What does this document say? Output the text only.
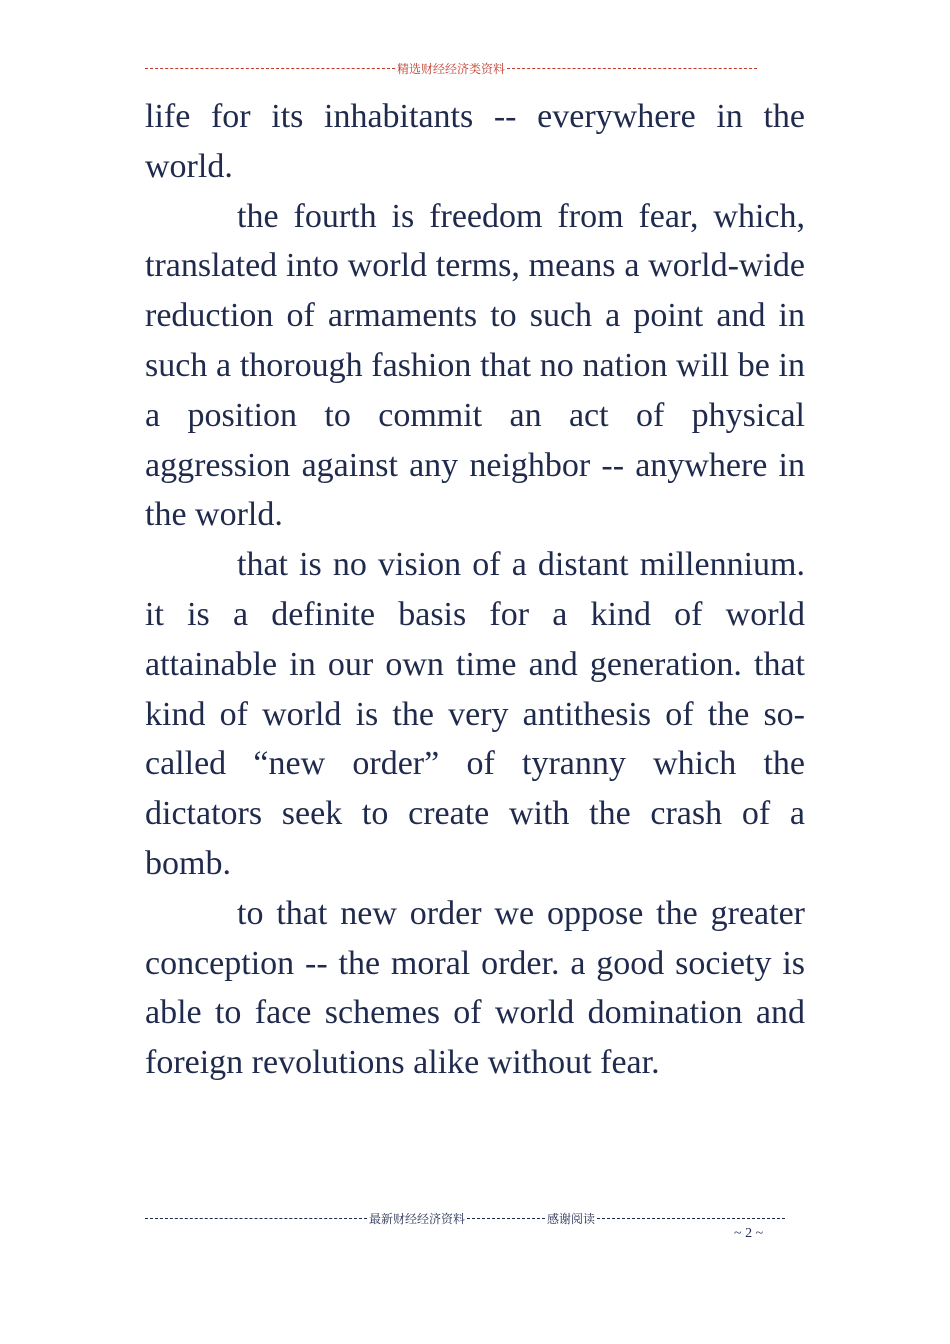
精选财经经济类资料

life for its inhabitants -- everywhere in the world.

the fourth is freedom from fear, which, translated into world terms, means a world-wide reduction of armaments to such a point and in such a thorough fashion that no nation will be in a position to commit an act of physical aggression against any neighbor -- anywhere in the world.

that is no vision of a distant millennium. it is a definite basis for a kind of world attainable in our own time and generation. that kind of world is the very antithesis of the so-called “new order” of tyranny which the dictators seek to create with the crash of a bomb.

to that new order we oppose the greater conception -- the moral order. a good society is able to face schemes of world domination and foreign revolutions alike without fear.

最新财经经济资料	感谢阅读
~ 2 ~
